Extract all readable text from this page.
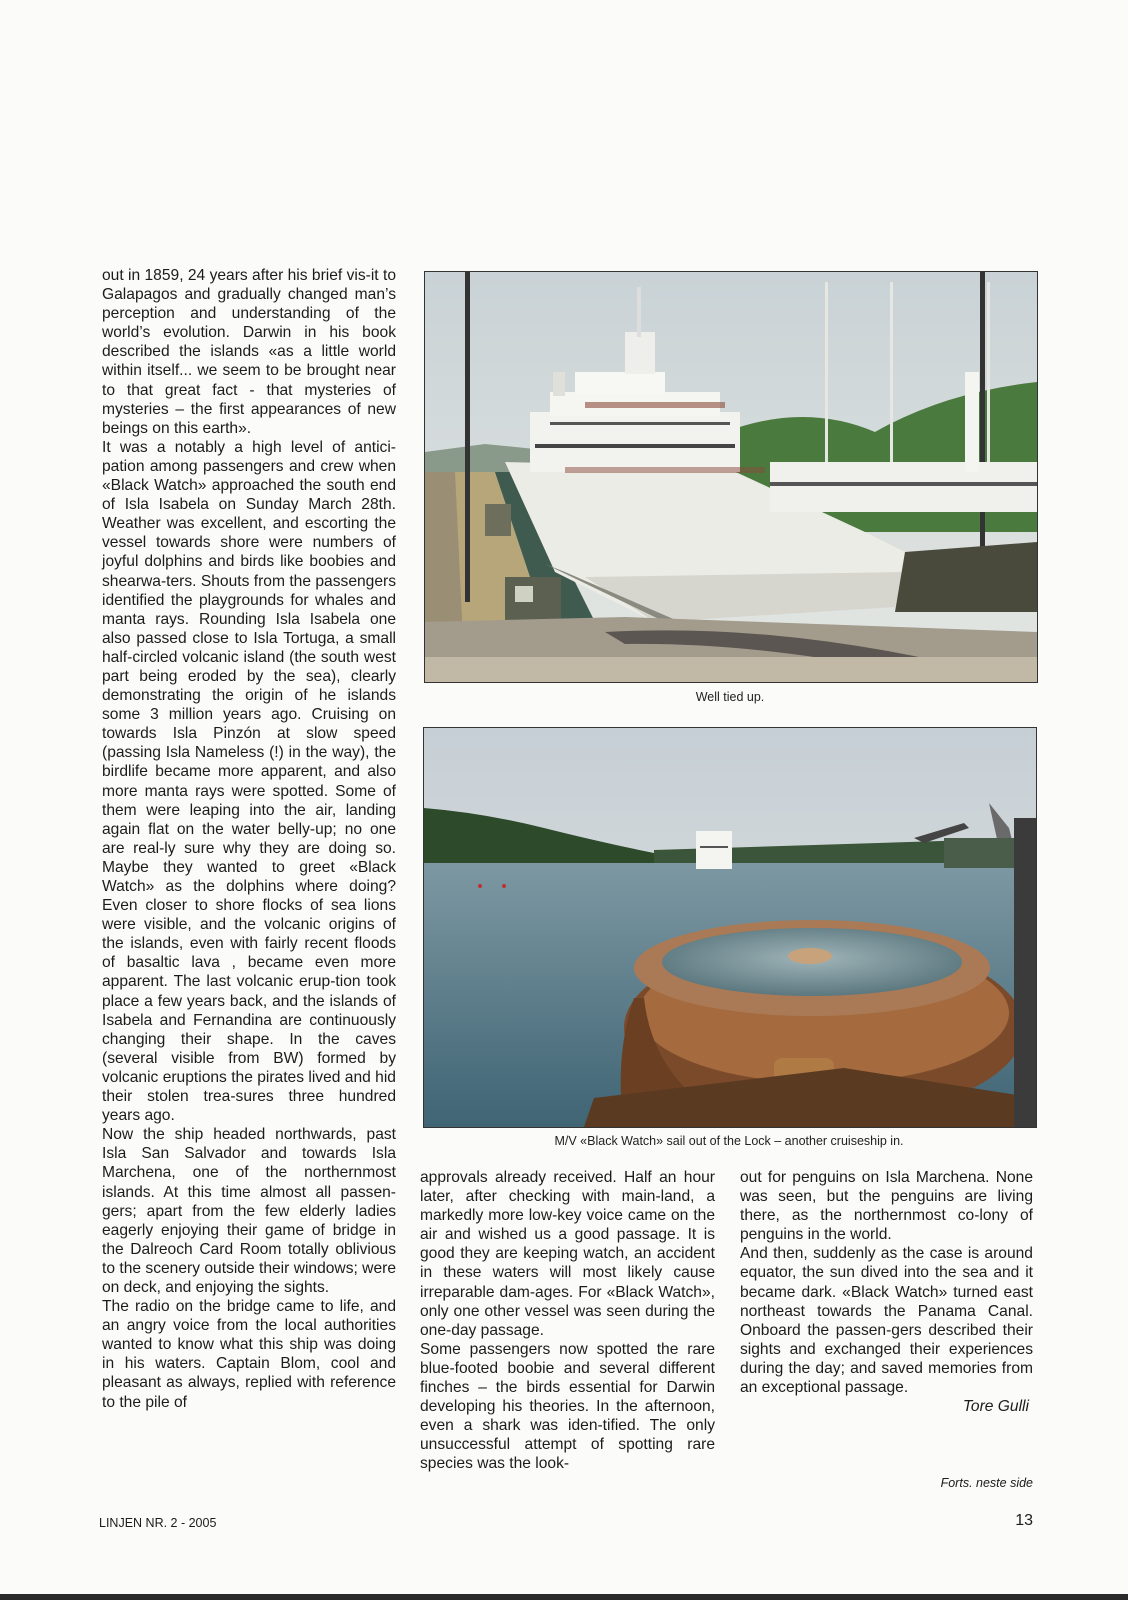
out in 1859, 24 years after his brief vis-it to Galapagos and gradually changed man’s perception and understanding of the world’s evolution. Darwin in his book described the islands «as a little world within itself... we seem to be brought near to that great fact - that mysteries of mysteries – the first appearances of new beings on this earth».

It was a notably a high level of antici-pation among passengers and crew when «Black Watch» approached the south end of Isla Isabela on Sunday March 28th. Weather was excellent, and escorting the vessel towards shore were numbers of joyful dolphins and birds like boobies and shearwa-ters. Shouts from the passengers identified the playgrounds for whales and manta rays. Rounding Isla Isabela one also passed close to Isla Tortuga, a small half-circled volcanic island (the south west part being eroded by the sea), clearly demonstrating the origin of he islands some 3 million years ago. Cruising on towards Isla Pinzón at slow speed (passing Isla Nameless (!) in the way), the birdlife became more apparent, and also more manta rays were spotted. Some of them were leaping into the air, landing again flat on the water belly-up; no one are real-ly sure why they are doing so. Maybe they wanted to greet «Black Watch» as the dolphins where doing? Even closer to shore flocks of sea lions were visible, and the volcanic origins of the islands, even with fairly recent floods of basaltic lava , became even more apparent. The last volcanic erup-tion took place a few years back, and the islands of Isabela and Fernandina are continuously changing their shape. In the caves (several visible from BW) formed by volcanic eruptions the pirates lived and hid their stolen trea-sures three hundred years ago.

Now the ship headed northwards, past Isla San Salvador and towards Isla Marchena, one of the northernmost islands. At this time almost all passen-gers; apart from the few elderly ladies eagerly enjoying their game of bridge in the Dalreoch Card Room totally oblivious to the scenery outside their windows; were on deck, and enjoying the sights.

The radio on the bridge came to life, and an angry voice from the local authorities wanted to know what this ship was doing in his waters. Captain Blom, cool and pleasant as always, replied with reference to the pile of

Well tied up.
M/V «Black Watch» sail out of the Lock – another cruiseship in.

approvals already received. Half an hour later, after checking with main-land, a markedly more low-key voice came on the air and wished us a good passage. It is good they are keeping watch, an accident in these waters will most likely cause irreparable dam-ages. For «Black Watch», only one other vessel was seen during the one-day passage.

Some passengers now spotted the rare blue-footed boobie and several different finches – the birds essential for Darwin developing his theories. In the afternoon, even a shark was iden-tified. The only unsuccessful attempt of spotting rare species was the look-

out for penguins on Isla Marchena. None was seen, but the penguins are living there, as the northernmost co-lony of penguins in the world.

And then, suddenly as the case is around equator, the sun dived into the sea and it became dark. «Black Watch» turned east northeast towards the Panama Canal. Onboard the passen-gers described their sights and exchanged their experiences during the day; and saved memories from an exceptional passage.

Tore Gulli

Forts. neste side
LINJEN NR. 2 - 2005	13
